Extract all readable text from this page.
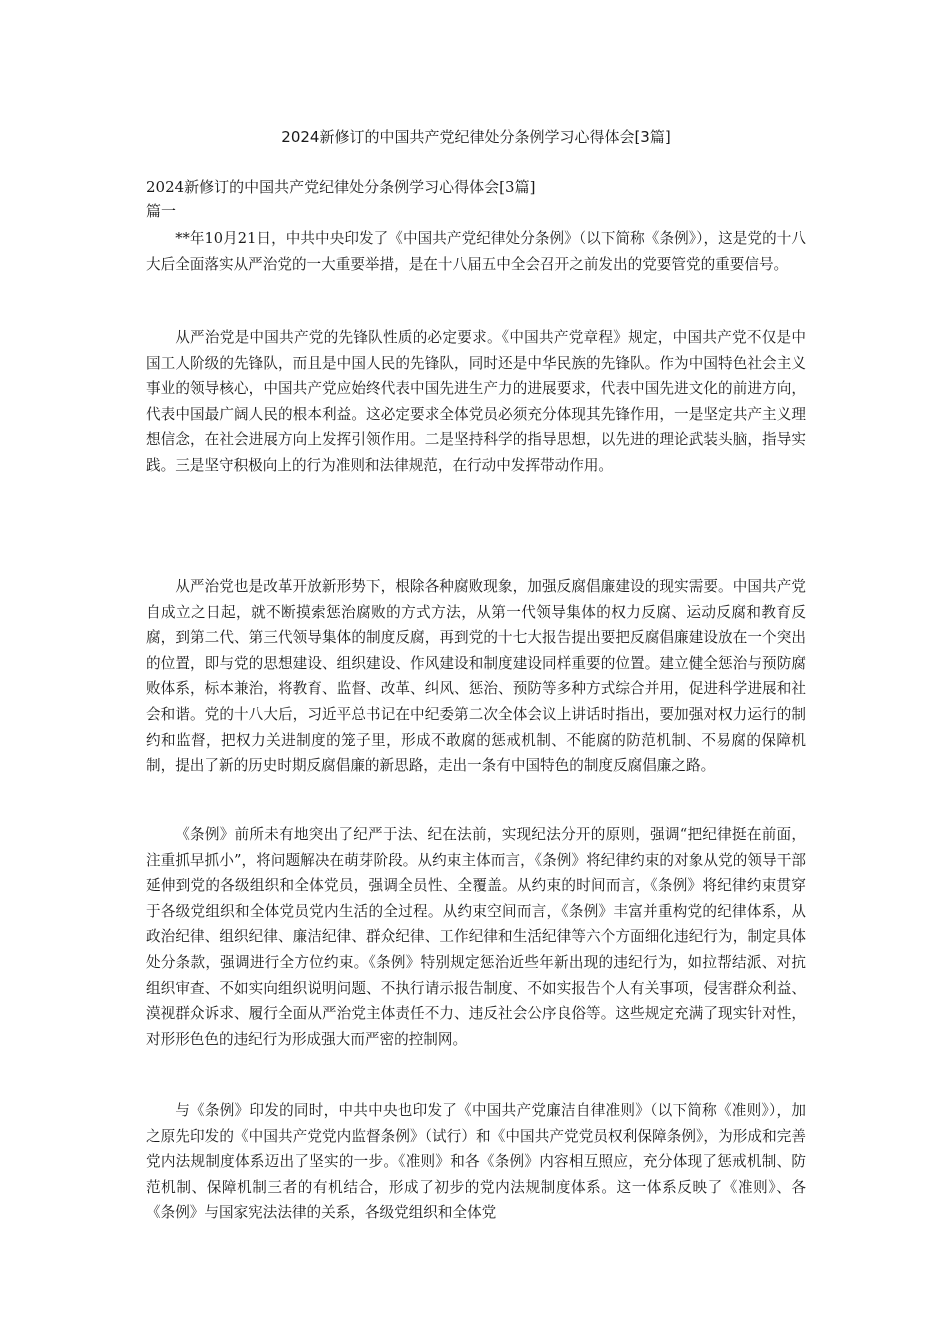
2024新修订的中国共产党纪律处分条例学习心得体会[3篇]
2024新修订的中国共产党纪律处分条例学习心得体会[3篇]
篇一

**年10月21日，中共中央印发了《中国共产党纪律处分条例》（以下简称《条例》），这是党的十八大后全面落实从严治党的一大重要举措，是在十八届五中全会召开之前发出的党要管党的重要信号。

从严治党是中国共产党的先锋队性质的必定要求。《中国共产党章程》规定，中国共产党不仅是中国工人阶级的先锋队，而且是中国人民的先锋队，同时还是中华民族的先锋队。作为中国特色社会主义事业的领导核心，中国共产党应始终代表中国先进生产力的进展要求，代表中国先进文化的前进方向，代表中国最广阔人民的根本利益。这必定要求全体党员必须充分体现其先锋作用，一是坚定共产主义理想信念，在社会进展方向上发挥引领作用。二是坚持科学的指导思想，以先进的理论武装头脑，指导实践。三是坚守积极向上的行为准则和法律规范，在行动中发挥带动作用。

从严治党也是改革开放新形势下，根除各种腐败现象，加强反腐倡廉建设的现实需要。中国共产党自成立之日起，就不断摸索惩治腐败的方式方法，从第一代领导集体的权力反腐、运动反腐和教育反腐，到第二代、第三代领导集体的制度反腐，再到党的十七大报告提出要把反腐倡廉建设放在一个突出的位置，即与党的思想建设、组织建设、作风建设和制度建设同样重要的位置。建立健全惩治与预防腐败体系，标本兼治，将教育、监督、改革、纠风、惩治、预防等多种方式综合并用，促进科学进展和社会和谐。党的十八大后，习近平总书记在中纪委第二次全体会议上讲话时指出，要加强对权力运行的制约和监督，把权力关进制度的笼子里，形成不敢腐的惩戒机制、不能腐的防范机制、不易腐的保障机制，提出了新的历史时期反腐倡廉的新思路，走出一条有中国特色的制度反腐倡廉之路。

《条例》前所未有地突出了纪严于法、纪在法前，实现纪法分开的原则，强调“把纪律挺在前面，注重抓早抓小”，将问题解决在萌芽阶段。从约束主体而言，《条例》将纪律约束的对象从党的领导干部延伸到党的各级组织和全体党员，强调全员性、全覆盖。从约束的时间而言，《条例》将纪律约束贯穿于各级党组织和全体党员党内生活的全过程。从约束空间而言，《条例》丰富并重构党的纪律体系，从政治纪律、组织纪律、廉洁纪律、群众纪律、工作纪律和生活纪律等六个方面细化违纪行为，制定具体处分条款，强调进行全方位约束。《条例》特别规定惩治近些年新出现的违纪行为，如拉帮结派、对抗组织审查、不如实向组织说明问题、不执行请示报告制度、不如实报告个人有关事项，侵害群众利益、漠视群众诉求、履行全面从严治党主体责任不力、违反社会公序良俗等。这些规定充满了现实针对性，对形形色色的违纪行为形成强大而严密的控制网。

与《条例》印发的同时，中共中央也印发了《中国共产党廉洁自律准则》（以下简称《准则》），加之原先印发的《中国共产党党内监督条例》（试行）和《中国共产党党员权利保障条例》，为形成和完善党内法规制度体系迈出了坚实的一步。《准则》和各《条例》内容相互照应，充分体现了惩戒机制、防范机制、保障机制三者的有机结合，形成了初步的党内法规制度体系。这一体系反映了《准则》、各《条例》与国家宪法法律的关系，各级党组织和全体党
